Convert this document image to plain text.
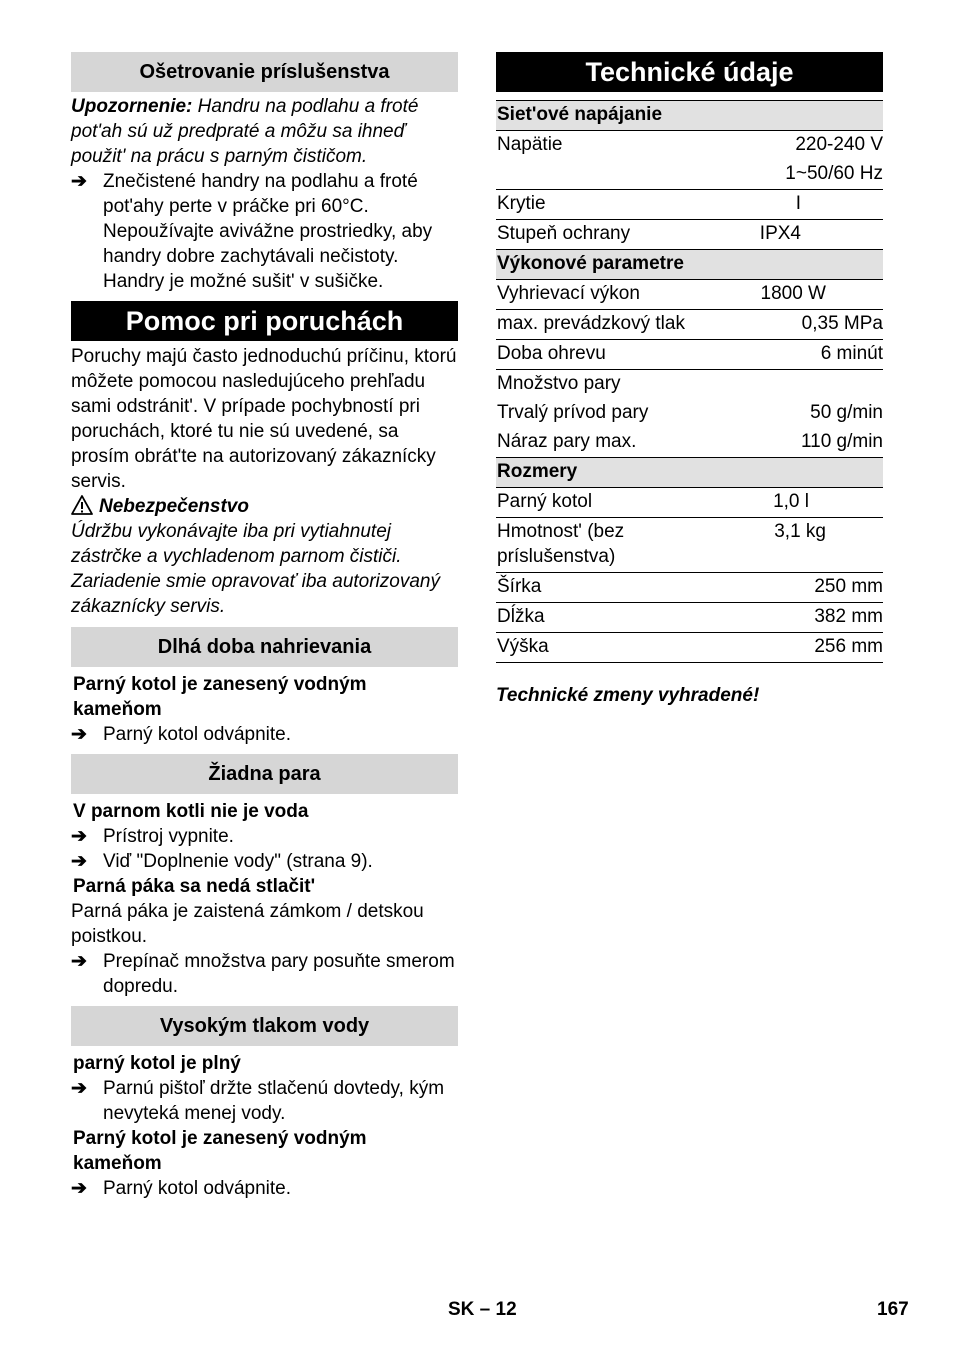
Ošetrovanie príslušenstva

Upozornenie: Handru na podlahu a froté pot'ah sú už predpraté a môžu sa ihneď použit' na prácu s parným čističom.

➔ Znečistené handry na podlahu a froté pot'ahy perte v práčke pri 60°C. Nepoužívajte avivážne prostriedky, aby handry dobre zachytávali nečistoty. Handry je možné sušit' v sušičke.
Pomoc pri poruchách

Poruchy majú často jednoduchú príčinu, ktorú môžete pomocou nasledujúceho prehľadu sami odstránit'. V prípade pochybností pri poruchách, ktoré tu nie sú uvedené, sa prosím obrát'te na autorizovaný zákaznícky servis.

Nebezpečenstvo

Údržbu vykonávajte iba pri vytiahnutej zástrčke a vychladenom parnom čističi. Zariadenie smie opravovať iba autorizovaný zákaznícky servis.

Dlhá doba nahrievania
Parný kotol je zanesený vodným kameňom
➔ Parný kotol odvápnite.
Žiadna para
V parnom kotli nie je voda
➔ Prístroj vypnite.
➔ Viď "Doplnenie vody" (strana 9).
Parná páka sa nedá stlačit'

Parná páka je zaistená zámkom / detskou poistkou.

➔ Prepínač množstva pary posuňte smerom dopredu.
Vysokým tlakom vody
parný kotol je plný
➔ Parnú pištoľ držte stlačenú dovtedy, kým nevyteká menej vody.
Parný kotol je zanesený vodným kameňom
➔ Parný kotol odvápnite.
Technické údaje
Siet'ové napájanie	
Napätie	220-240 V
	1~50/60 Hz
Krytie	I
Stupeň ochrany	IPX4
Výkonové parametre	
Vyhrievací výkon	1800 W
max. prevádzkový tlak	0,35 MPa
Doba ohrevu	6 minút
Množstvo pary	
Trvalý prívod pary	50 g/min
Náraz pary max.	110 g/min
Rozmery	
Parný kotol	1,0 l
Hmotnost' (bez príslušenstva)	3,1 kg
Šírka	250 mm
Dĺžka	382 mm
Výška	256 mm
Technické zmeny vyhradené!
SK – 12	167
